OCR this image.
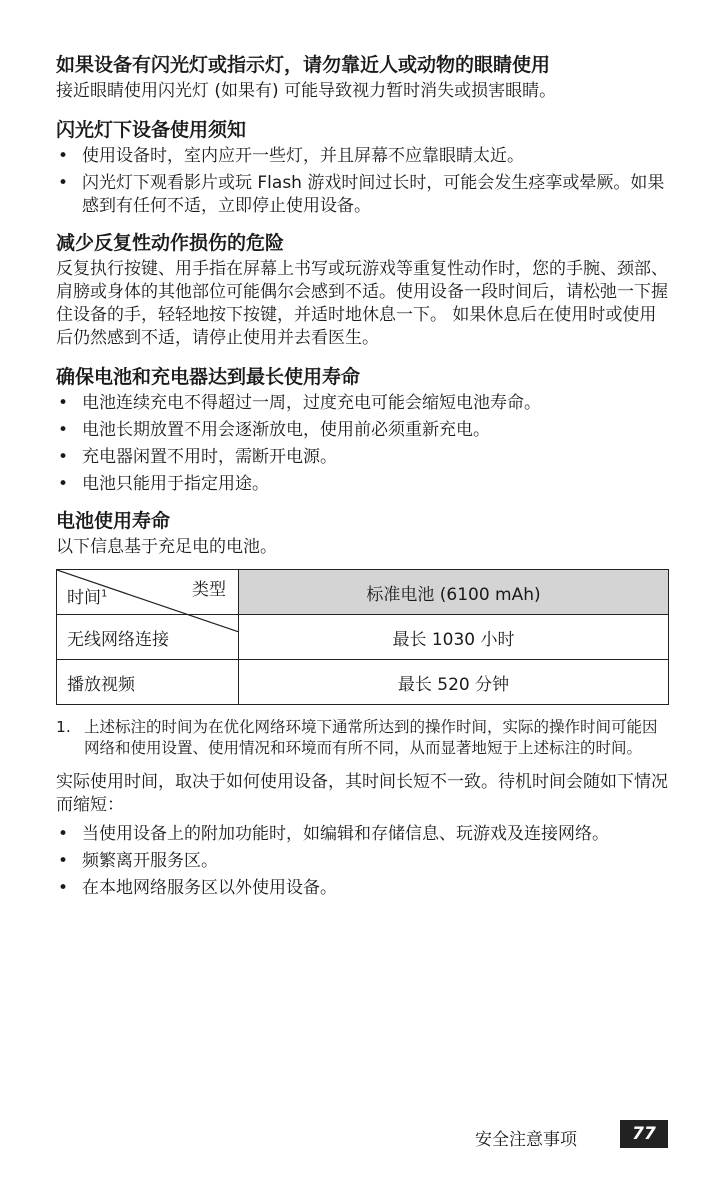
如果设备有闪光灯或指示灯，请勿靠近人或动物的眼睛使用

接近眼睛使用闪光灯 (如果有) 可能导致视力暂时消失或损害眼睛。

闪光灯下设备使用须知
• 使用设备时，室内应开一些灯，并且屏幕不应靠眼睛太近。
• 闪光灯下观看影片或玩 Flash 游戏时间过长时，可能会发生痉挛或晕厥。如果感到有任何不适，立即停止使用设备。
减少反复性动作损伤的危险

反复执行按键、用手指在屏幕上书写或玩游戏等重复性动作时，您的手腕、颈部、肩膀或身体的其他部位可能偶尔会感到不适。使用设备一段时间后，请松弛一下握住设备的手，轻轻地按下按键，并适时地休息一下。 如果休息后在使用时或使用后仍然感到不适，请停止使用并去看医生。

确保电池和充电器达到最长使用寿命
• 电池连续充电不得超过一周，过度充电可能会缩短电池寿命。
• 电池长期放置不用会逐渐放电，使用前必须重新充电。
• 充电器闲置不用时，需断开电源。
• 电池只能用于指定用途。
电池使用寿命

以下信息基于充足电的电池。

类型
时间$^1$	标准电池 (6100 mAh)
无线网络连接	最长 1030 小时
播放视频	最长 520 分钟
1. 上述标注的时间为在优化网络环境下通常所达到的操作时间，实际的操作时间可能因网络和使用设置、使用情况和环境而有所不同，从而显著地短于上述标注的时间。

实际使用时间，取决于如何使用设备，其时间长短不一致。待机时间会随如下情况而缩短：

• 当使用设备上的附加功能时，如编辑和存储信息、玩游戏及连接网络。
• 频繁离开服务区。
• 在本地网络服务区以外使用设备。
安全注意事项	77
